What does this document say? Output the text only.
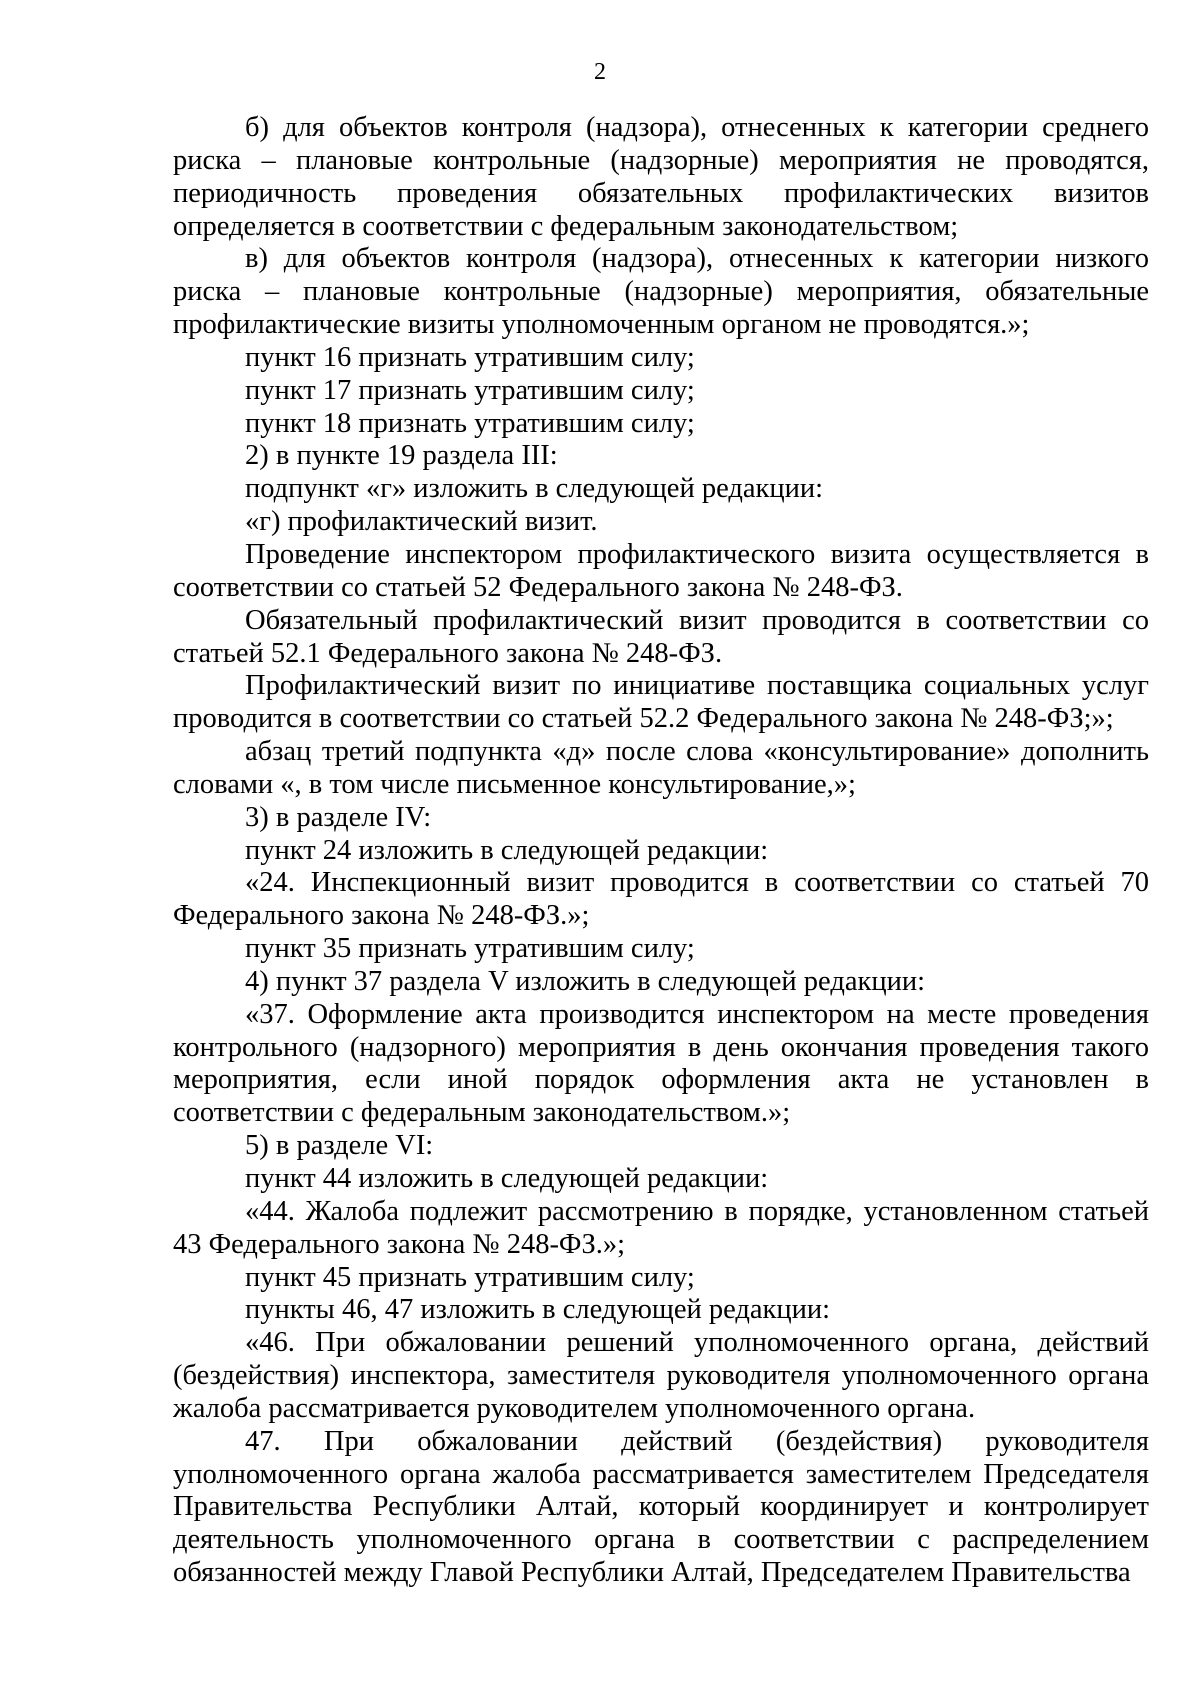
2

б) для объектов контроля (надзора), отнесенных к категории среднего риска – плановые контрольные (надзорные) мероприятия не проводятся, периодичность проведения обязательных профилактических визитов определяется в соответствии с федеральным законодательством;

в) для объектов контроля (надзора), отнесенных к категории низкого риска – плановые контрольные (надзорные) мероприятия, обязательные профилактические визиты уполномоченным органом не проводятся.»;

пункт 16 признать утратившим силу;

пункт 17 признать утратившим силу;

пункт 18 признать утратившим силу;

2) в пункте 19 раздела III:

подпункт «г» изложить в следующей редакции:

«г) профилактический визит.

Проведение инспектором профилактического визита осуществляется в соответствии со статьей 52 Федерального закона № 248-ФЗ.

Обязательный профилактический визит проводится в соответствии со статьей 52.1 Федерального закона № 248-ФЗ.

Профилактический визит по инициативе поставщика социальных услуг проводится в соответствии со статьей 52.2 Федерального закона № 248-ФЗ;»;

абзац третий подпункта «д» после слова «консультирование» дополнить словами «, в том числе письменное консультирование,»;

3) в разделе IV:

пункт 24 изложить в следующей редакции:

«24. Инспекционный визит проводится в соответствии со статьей 70 Федерального закона № 248-ФЗ.»;

пункт 35 признать утратившим силу;

4) пункт 37 раздела V изложить в следующей редакции:

«37. Оформление акта производится инспектором на месте проведения контрольного (надзорного) мероприятия в день окончания проведения такого мероприятия, если иной порядок оформления акта не установлен в соответствии с федеральным законодательством.»;

5) в разделе VI:

пункт 44 изложить в следующей редакции:

«44. Жалоба подлежит рассмотрению в порядке, установленном статьей 43 Федерального закона № 248-ФЗ.»;

пункт 45 признать утратившим силу;

пункты 46, 47 изложить в следующей редакции:

«46. При обжаловании решений уполномоченного органа, действий (бездействия) инспектора, заместителя руководителя уполномоченного органа жалоба рассматривается руководителем уполномоченного органа.

47. При обжаловании действий (бездействия) руководителя уполномоченного органа жалоба рассматривается заместителем Председателя Правительства Республики Алтай, который координирует и контролирует деятельность уполномоченного органа в соответствии с распределением обязанностей между Главой Республики Алтай, Председателем Правительства
